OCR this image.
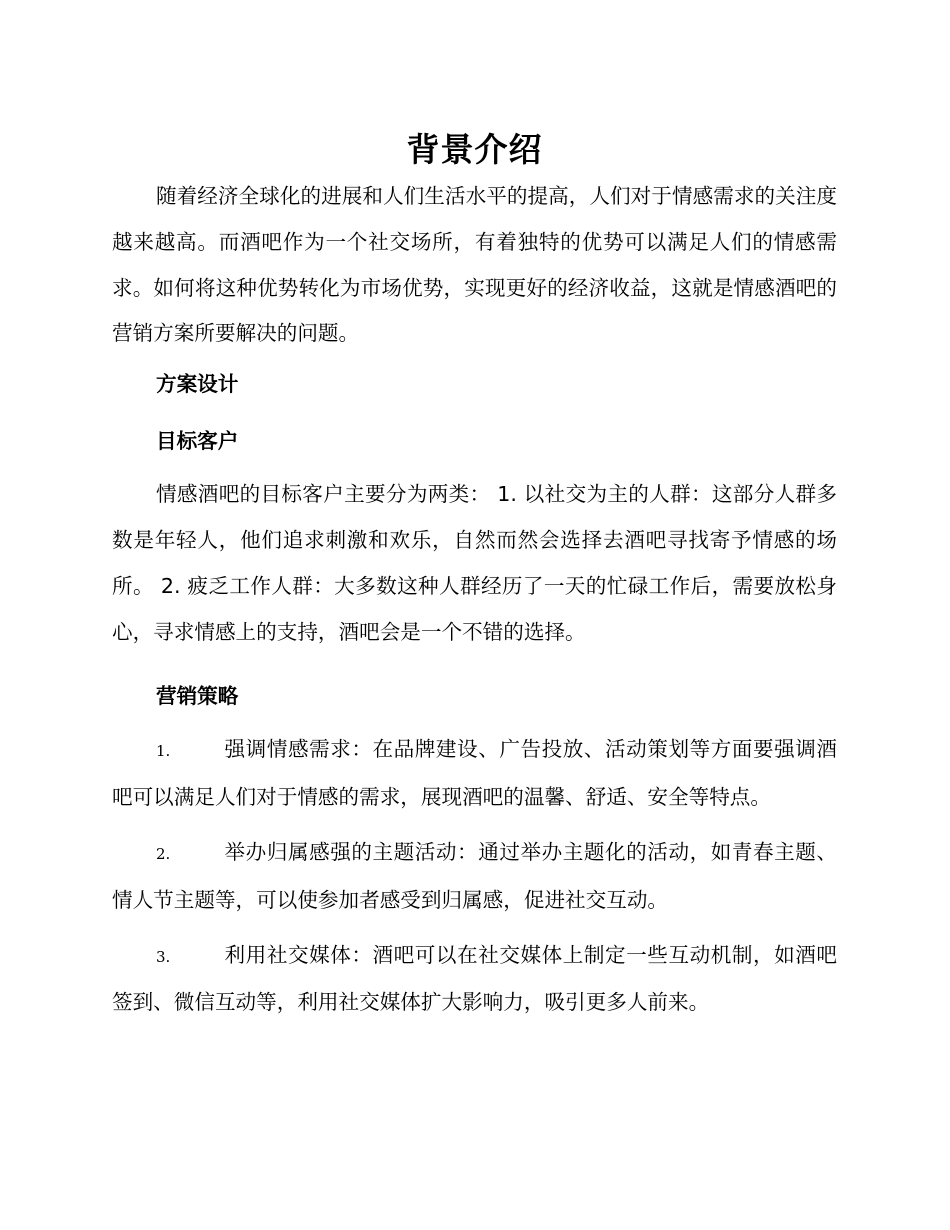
背景介绍

随着经济全球化的进展和人们生活水平的提高，人们对于情感需求的关注度越来越高。而酒吧作为一个社交场所，有着独特的优势可以满足人们的情感需求。如何将这种优势转化为市场优势，实现更好的经济收益，这就是情感酒吧的营销方案所要解决的问题。

方案设计
目标客户

情感酒吧的目标客户主要分为两类： 1. 以社交为主的人群：这部分人群多数是年轻人，他们追求刺激和欢乐，自然而然会选择去酒吧寻找寄予情感的场所。 2. 疲乏工作人群：大多数这种人群经历了一天的忙碌工作后，需要放松身心，寻求情感上的支持，酒吧会是一个不错的选择。

营销策略

1.	强调情感需求：在品牌建设、广告投放、活动策划等方面要强调酒吧可以满足人们对于情感的需求，展现酒吧的温馨、舒适、安全等特点。

2.	举办归属感强的主题活动：通过举办主题化的活动，如青春主题、情人节主题等，可以使参加者感受到归属感，促进社交互动。

3.	利用社交媒体：酒吧可以在社交媒体上制定一些互动机制，如酒吧签到、微信互动等，利用社交媒体扩大影响力，吸引更多人前来。
